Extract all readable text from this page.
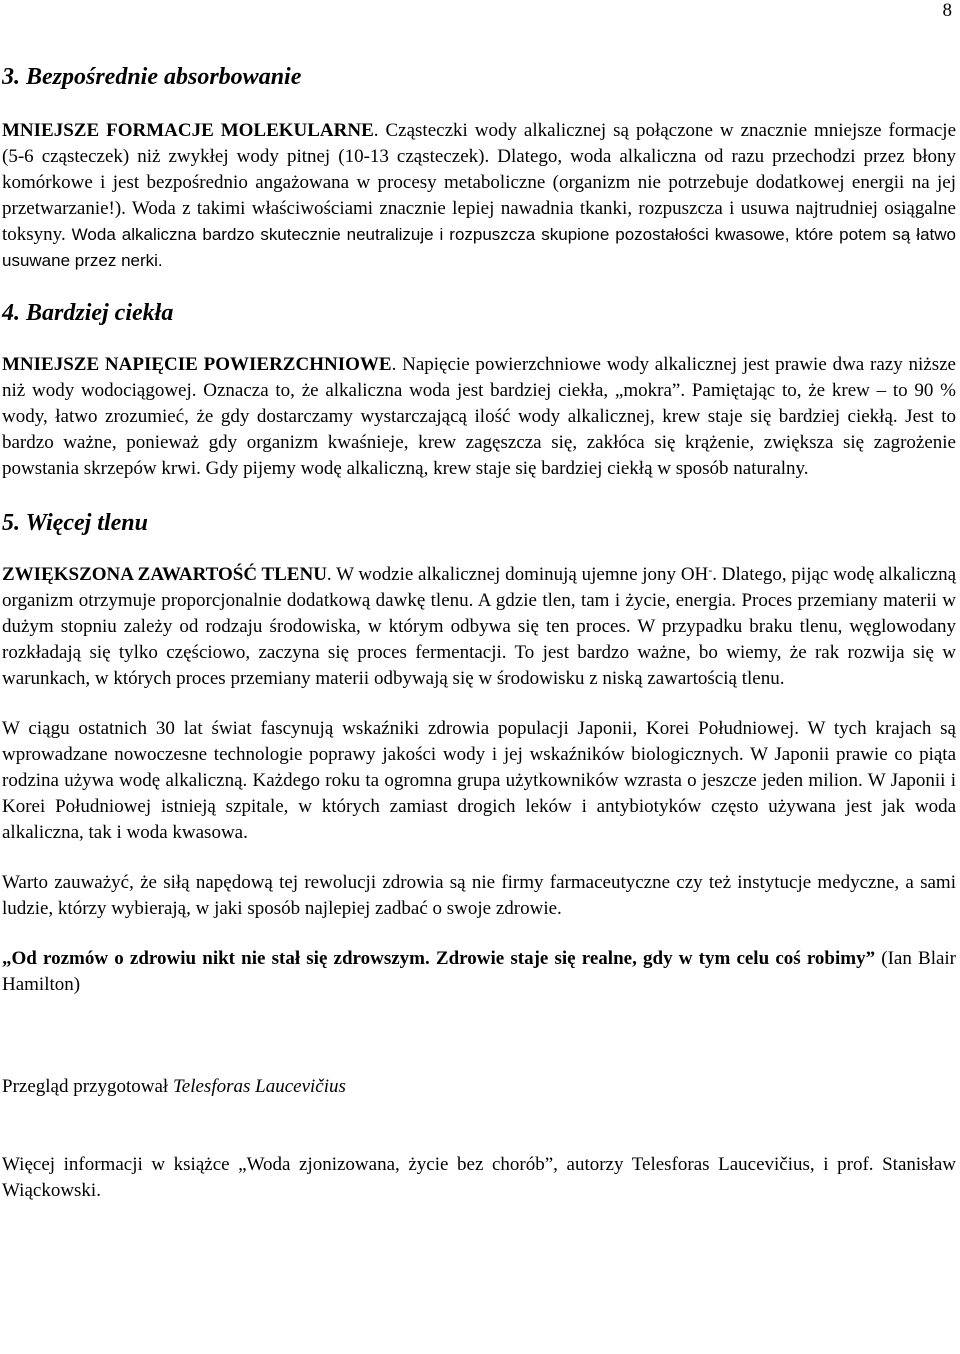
8
3. Bezpośrednie absorbowanie

MNIEJSZE FORMACJE MOLEKULARNE. Cząsteczki wody alkalicznej są połączone w znacznie mniejsze formacje (5-6 cząsteczek) niż zwykłej wody pitnej (10-13 cząsteczek). Dlatego, woda alkaliczna od razu przechodzi przez błony komórkowe i jest bezpośrednio angażowana w procesy metaboliczne (organizm nie potrzebuje dodatkowej energii na jej przetwarzanie!). Woda z takimi właściwościami znacznie lepiej nawadnia tkanki, rozpuszcza i usuwa najtrudniej osiągalne toksyny. Woda alkaliczna bardzo skutecznie neutralizuje i rozpuszcza skupione pozostałości kwasowe, które potem są łatwo usuwane przez nerki.

4. Bardziej ciekła

MNIEJSZE NAPIĘCIE POWIERZCHNIOWE. Napięcie powierzchniowe wody alkalicznej jest prawie dwa razy niższe niż wody wodociągowej. Oznacza to, że alkaliczna woda jest bardziej ciekła, „mokra”. Pamiętając to, że krew – to 90 % wody, łatwo zrozumieć, że gdy dostarczamy wystarczającą ilość wody alkalicznej, krew staje się bardziej ciekłą. Jest to bardzo ważne, ponieważ gdy organizm kwaśnieje, krew zagęszcza się, zakłóca się krążenie, zwiększa się zagrożenie powstania skrzepów krwi. Gdy pijemy wodę alkaliczną, krew staje się bardziej ciekłą w sposób naturalny.

5. Więcej tlenu

ZWIĘKSZONA ZAWARTOŚĆ TLENU. W wodzie alkalicznej dominują ujemne jony OH-. Dlatego, pijąc wodę alkaliczną organizm otrzymuje proporcjonalnie dodatkową dawkę tlenu. A gdzie tlen, tam i życie, energia. Proces przemiany materii w dużym stopniu zależy od rodzaju środowiska, w którym odbywa się ten proces. W przypadku braku tlenu, węglowodany rozkładają się tylko częściowo, zaczyna się proces fermentacji. To jest bardzo ważne, bo wiemy, że rak rozwija się w warunkach, w których proces przemiany materii odbywają się w środowisku z niską zawartością tlenu.

W ciągu ostatnich 30 lat świat fascynują wskaźniki zdrowia populacji Japonii, Korei Południowej. W tych krajach są wprowadzane nowoczesne technologie poprawy jakości wody i jej wskaźników biologicznych. W Japonii prawie co piąta rodzina używa wodę alkaliczną. Każdego roku ta ogromna grupa użytkowników wzrasta o jeszcze jeden milion. W Japonii i Korei Południowej istnieją szpitale, w których zamiast drogich leków i antybiotyków często używana jest jak woda alkaliczna, tak i woda kwasowa.

Warto zauważyć, że siłą napędową tej rewolucji zdrowia są nie firmy farmaceutyczne czy też instytucje medyczne, a sami ludzie, którzy wybierają, w jaki sposób najlepiej zadbać o swoje zdrowie.

„Od rozmów o zdrowiu nikt nie stał się zdrowszym. Zdrowie staje się realne, gdy w tym celu coś robimy” (Ian Blair Hamilton)

Przegląd przygotował Telesforas Laucevičius

Więcej informacji w książce „Woda zjonizowana, życie bez chorób”, autorzy Telesforas Laucevičius, i prof. Stanisław Wiąckowski.
